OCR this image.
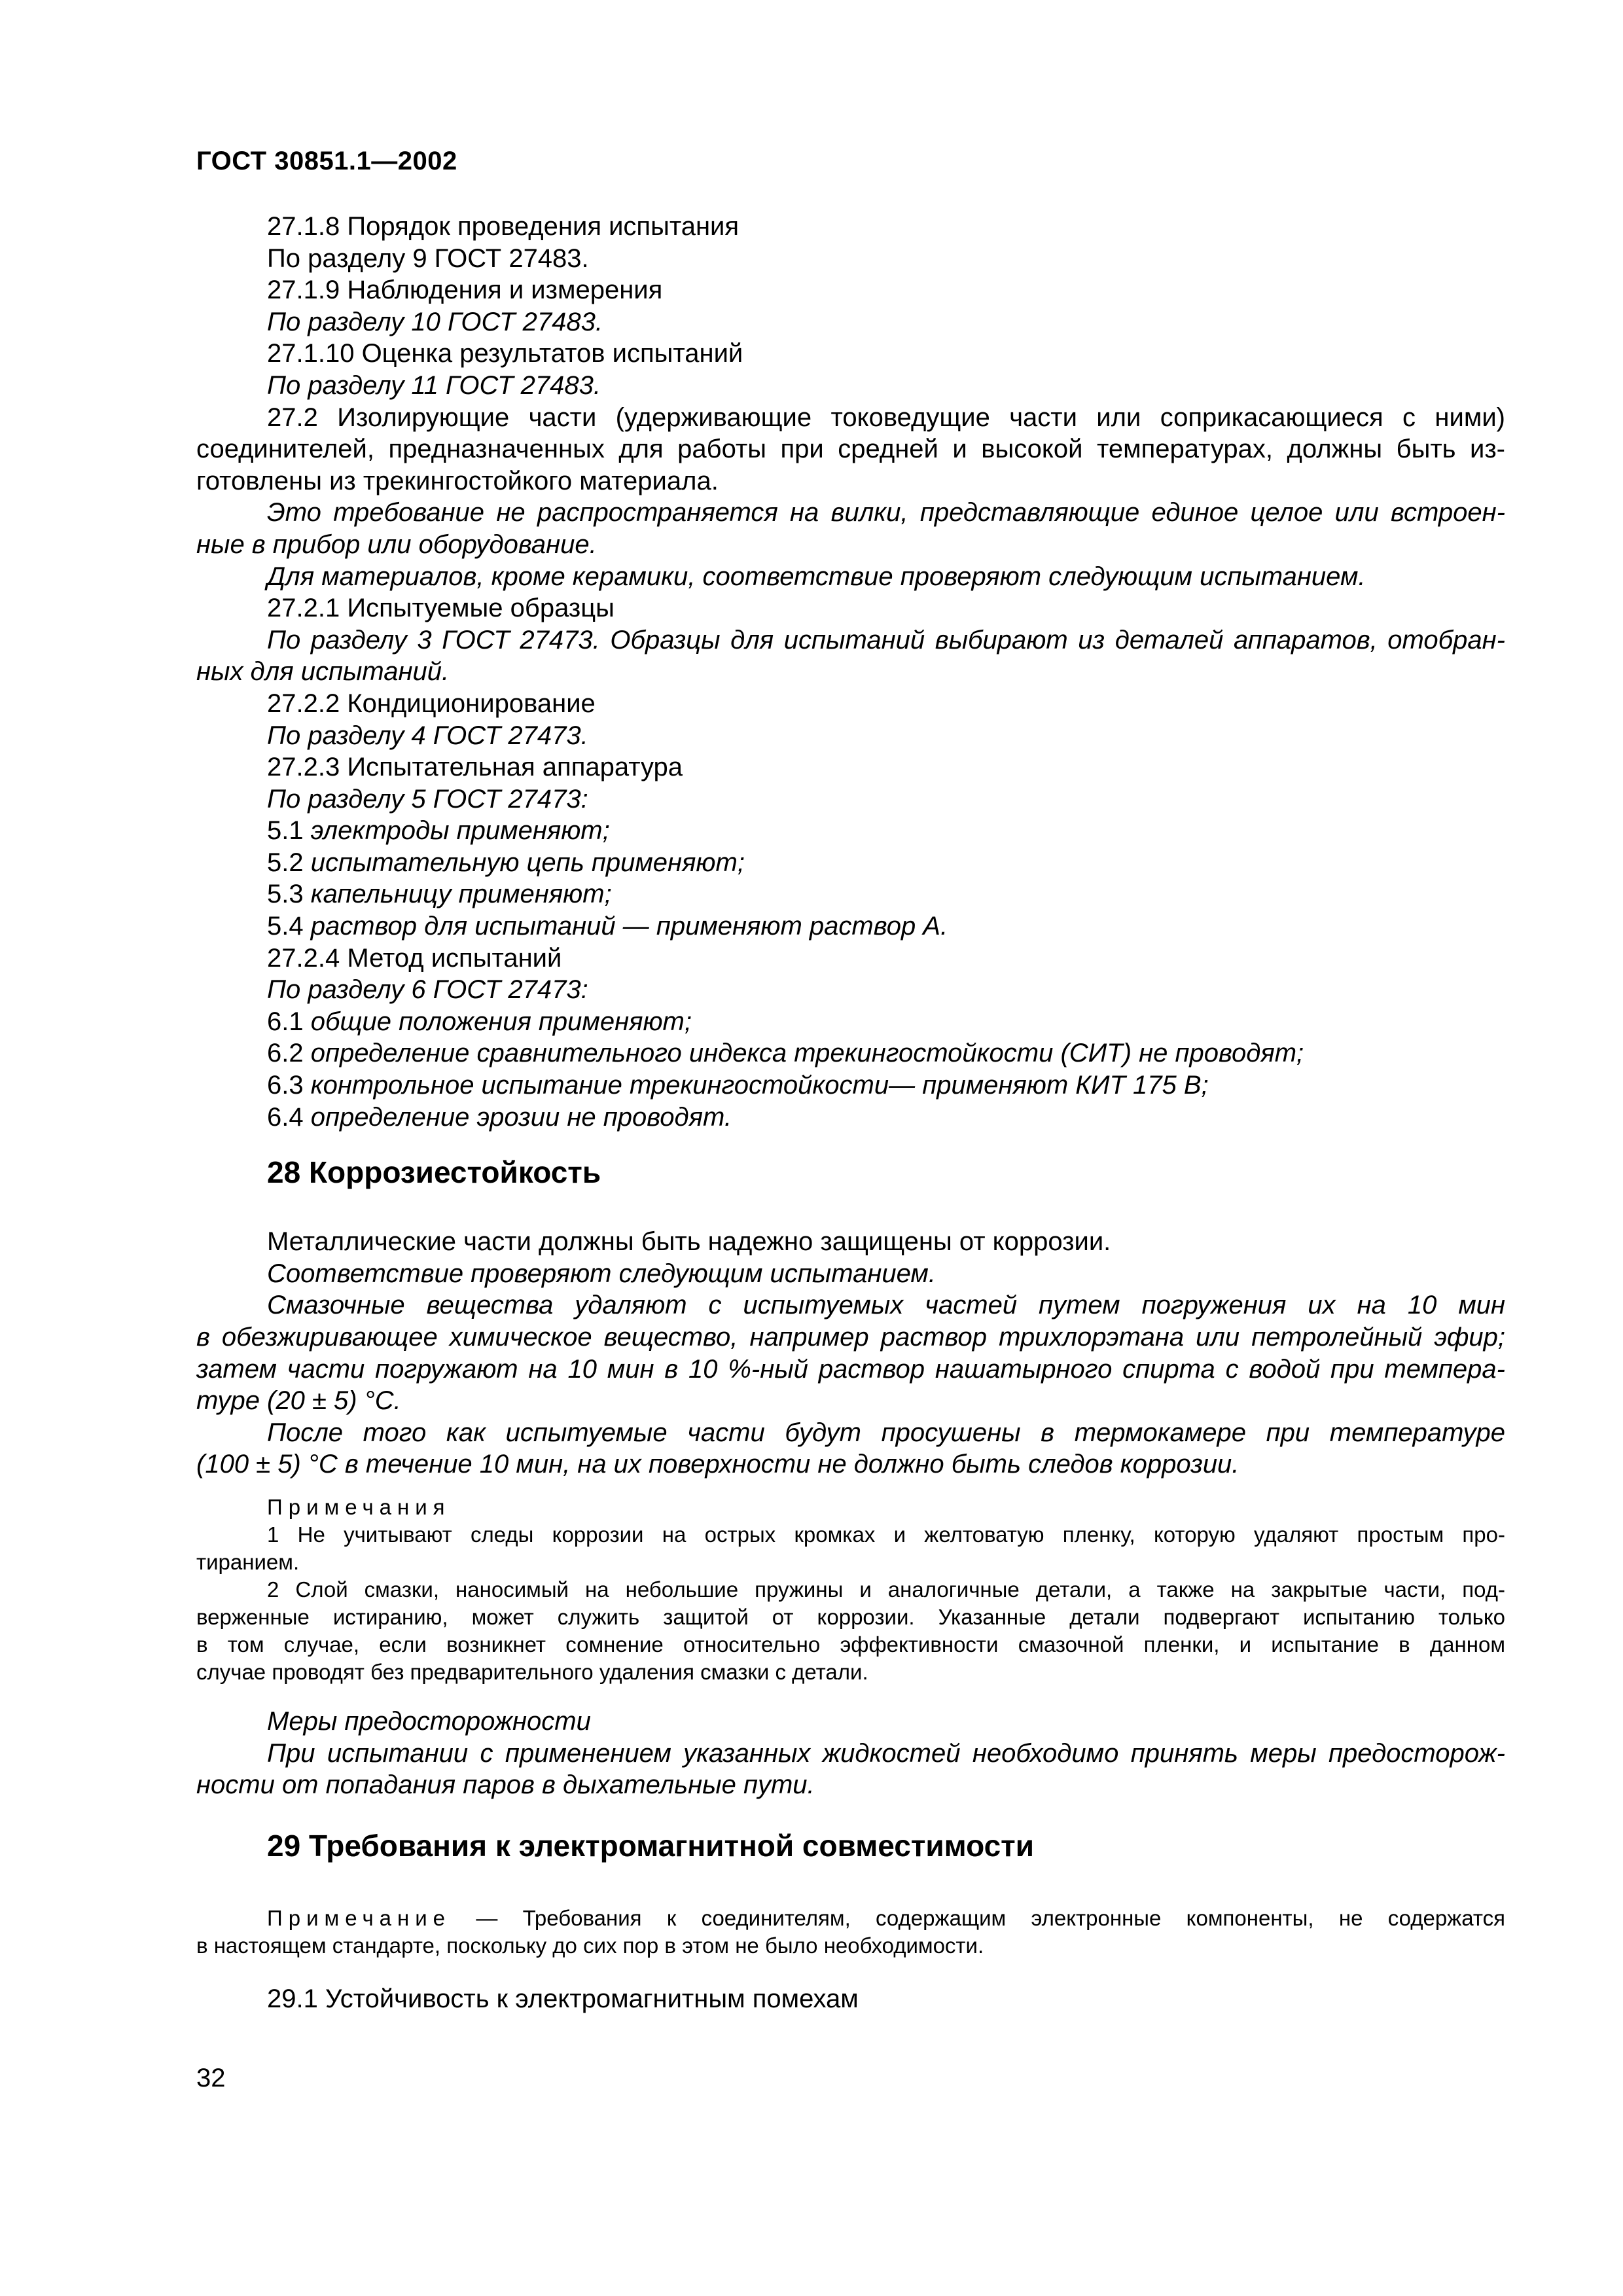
ГОСТ 30851.1—2002

27.1.8 Порядок проведения испытания

По разделу 9 ГОСТ 27483.

27.1.9 Наблюдения и измерения

По разделу 10 ГОСТ 27483.

27.1.10 Оценка результатов испытаний

По разделу 11 ГОСТ 27483.

27.2 Изолирующие части (удерживающие токоведущие части или соприкасающиеся с ними)

соединителей, предназначенных для работы при средней и высокой температурах, должны быть из-

готовлены из трекингостойкого материала.

Это требование не распространяется на вилки, представляющие единое целое или встроен-

ные в прибор или оборудование.

Для материалов, кроме керамики, соответствие проверяют следующим испытанием.

27.2.1 Испытуемые образцы

По разделу 3 ГОСТ 27473. Образцы для испытаний выбирают из деталей аппаратов, отобран-

ных для испытаний.

27.2.2 Кондиционирование

По разделу 4 ГОСТ 27473.

27.2.3 Испытательная аппаратура

По разделу 5 ГОСТ 27473:

5.1 электроды применяют;

5.2 испытательную цепь применяют;

5.3 капельницу применяют;

5.4 раствор для испытаний — применяют раствор А.

27.2.4 Метод испытаний

По разделу 6 ГОСТ 27473:

6.1 общие положения применяют;

6.2 определение сравнительного индекса трекингостойкости (СИТ) не проводят;

6.3 контрольное испытание трекингостойкости— применяют КИТ 175 В;

6.4 определение эрозии не проводят.

28 Коррозиестойкость

Металлические части должны быть надежно защищены от коррозии.

Соответствие проверяют следующим испытанием.

Смазочные вещества удаляют с испытуемых частей путем погружения их на 10 мин

в обезжиривающее химическое вещество, например раствор трихлорэтана или петролейный эфир;

затем части погружают на 10 мин в 10 %-ный раствор нашатырного спирта с водой при темпера-

туре (20 ± 5) °С.

После того как испытуемые части будут просушены в термокамере при температуре

(100 ± 5) °С в течение 10 мин, на их поверхности не должно быть следов коррозии.

Примечания

1 Не учитывают следы коррозии на острых кромках и желтоватую пленку, которую удаляют простым про-

тиранием.

2 Слой смазки, наносимый на небольшие пружины и аналогичные детали, а также на закрытые части, под-

верженные истиранию, может служить защитой от коррозии. Указанные детали подвергают испытанию только

в том случае, если возникнет сомнение относительно эффективности смазочной пленки, и испытание в данном

случае проводят без предварительного удаления смазки с детали.

Меры предосторожности

При испытании с применением указанных жидкостей необходимо принять меры предосторож-

ности от попадания паров в дыхательные пути.

29 Требования к электромагнитной совместимости

Примечание — Требования к соединителям, содержащим электронные компоненты, не содержатся

в настоящем стандарте, поскольку до сих пор в этом не было необходимости.

29.1 Устойчивость к электромагнитным помехам

32
